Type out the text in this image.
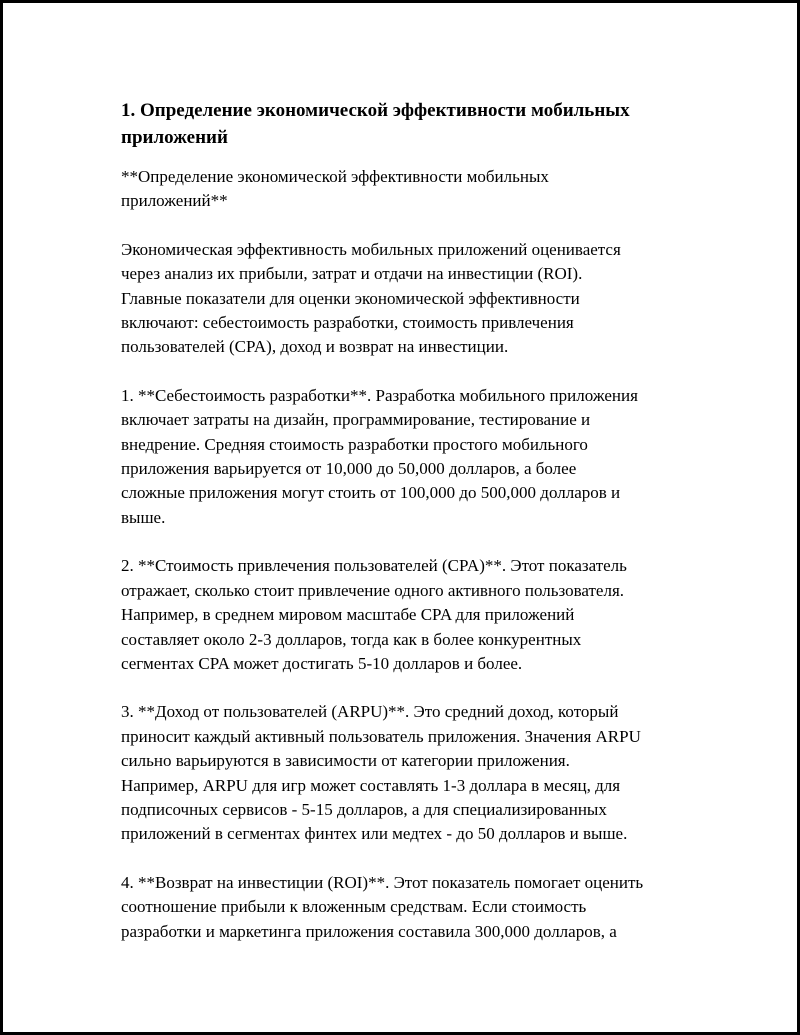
1. Определение экономической эффективности мобильных приложений

**Определение экономической эффективности мобильных
приложений**

Экономическая эффективность мобильных приложений оценивается
через анализ их прибыли, затрат и отдачи на инвестиции (ROI).
Главные показатели для оценки экономической эффективности
включают: себестоимость разработки, стоимость привлечения
пользователей (CPA), доход и возврат на инвестиции.

1. **Себестоимость разработки**. Разработка мобильного приложения
включает затраты на дизайн, программирование, тестирование и
внедрение. Средняя стоимость разработки простого мобильного
приложения варьируется от 10,000 до 50,000 долларов, а более
сложные приложения могут стоить от 100,000 до 500,000 долларов и
выше.

2. **Стоимость привлечения пользователей (CPA)**. Этот показатель
отражает, сколько стоит привлечение одного активного пользователя.
Например, в среднем мировом масштабе CPA для приложений
составляет около 2-3 долларов, тогда как в более конкурентных
сегментах CPA может достигать 5-10 долларов и более.

3. **Доход от пользователей (ARPU)**. Это средний доход, который
приносит каждый активный пользователь приложения. Значения ARPU
сильно варьируются в зависимости от категории приложения.
Например, ARPU для игр может составлять 1-3 доллара в месяц, для
подписочных сервисов - 5-15 долларов, а для специализированных
приложений в сегментах финтех или медтех - до 50 долларов и выше.

4. **Возврат на инвестиции (ROI)**. Этот показатель помогает оценить
соотношение прибыли к вложенным средствам. Если стоимость
разработки и маркетинга приложения составила 300,000 долларов, а
